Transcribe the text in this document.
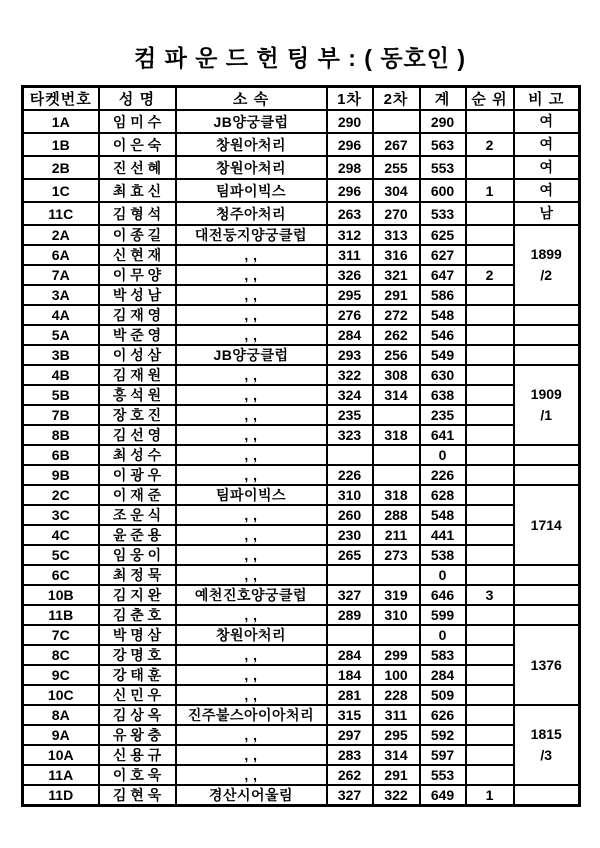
컴 파 운 드 헌 팅 부 : ( 동호인 )
타켓번호	성 명	소 속	1차	2차	계	순 위	비 고
1A	임 미 수	JB양궁클럽	290		290		여

1B	이 은 숙	창원아처리	296	267	563	2	여

2B	진 선 혜	창원아처리	298	255	553		여

1C	최 효 신	팀파이빅스	296	304	600	1	여

11C	김 형 석	청주아처리	263	270	533		남

2A	이 종 길	대전둥지양궁클럽	312	313	625		1899
/2

6A	신 현 재	, ,	311	316	627		
7A	이 무 양	, ,	326	321	647	2	
3A	박 성 남	, ,	295	291	586		
4A	김 재 영	, ,	276	272	548		

5A	박 준 영	, ,	284	262	546		

3B	이 성 삼	JB양궁클럽	293	256	549		

4B	김 재 원	, ,	322	308	630		1909
/1

5B	홍 석 원	, ,	324	314	638		
7B	장 호 진	, ,	235		235		
8B	김 선 영	, ,	323	318	641		
6B	최 성 수	, ,			0		

9B	이 광 우	, ,	226		226		

2C	이 재 준	팀파이빅스	310	318	628		1714

3C	조 운 식	, ,	260	288	548		
4C	윤 준 용	, ,	230	211	441		
5C	임 웅 이	, ,	265	273	538		
6C	최 정 묵	, ,			0		

10B	김 지 완	예천진호양궁클럽	327	319	646	3	

11B	김 춘 호	, ,	289	310	599		

7C	박 명 삼	창원아처리			0		1376

8C	강 명 호	, ,	284	299	583		
9C	강 태 훈	, ,	184	100	284		
10C	신 민 우	, ,	281	228	509		
8A	김 상 옥	진주불스아이아처리	315	311	626		1815
/3

9A	유 왕 충	, ,	297	295	592		
10A	신 용 규	, ,	283	314	597		
11A	이 호 욱	, ,	262	291	553		
11D	김 현 욱	경산시어울림	327	322	649	1	
